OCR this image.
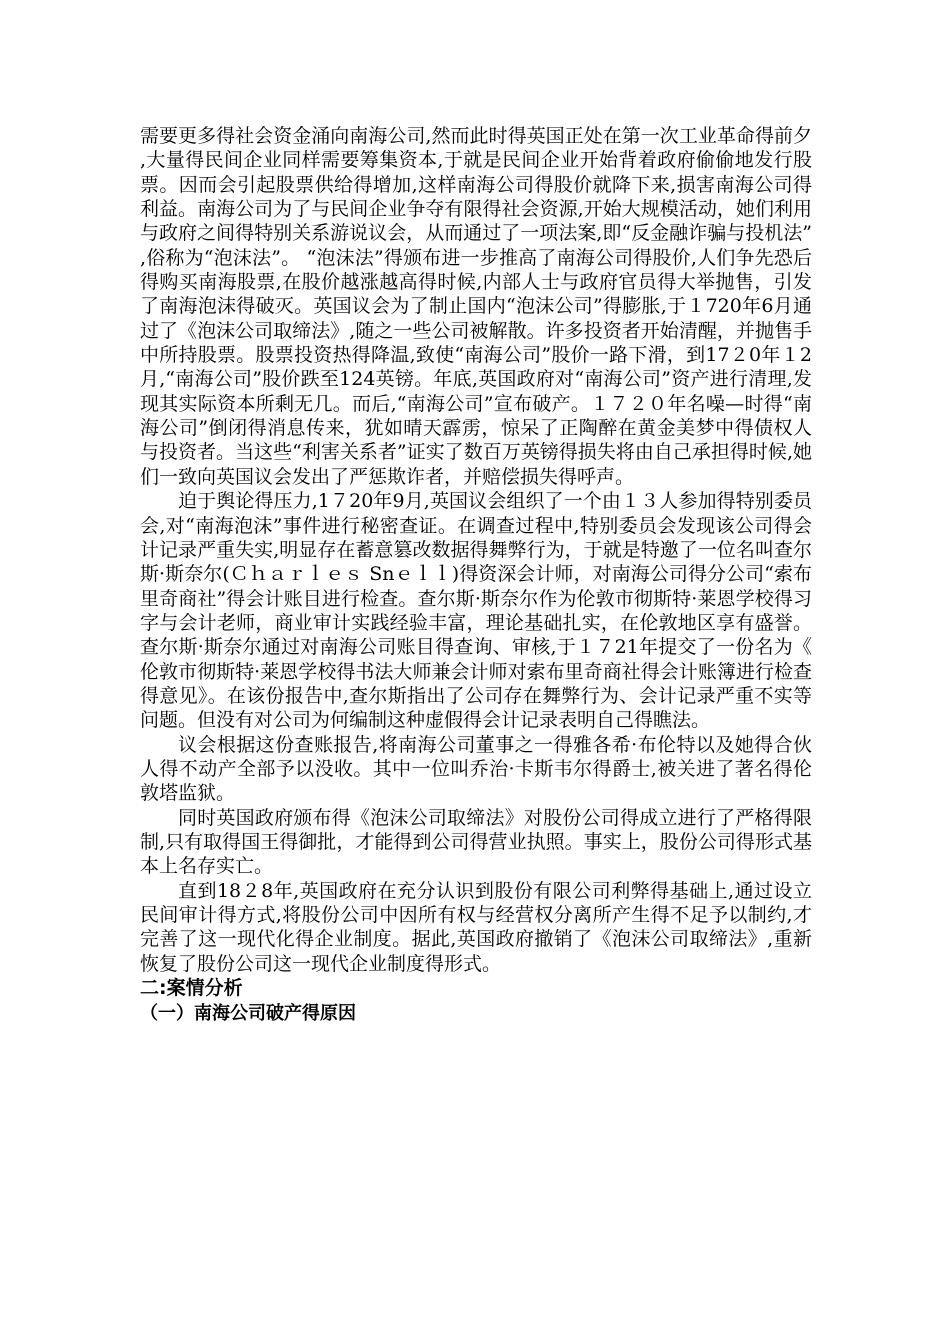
需要更多得社会资金涌向南海公司,然而此时得英国正处在第一次工业革命得前夕,大量得民间企业同样需要筹集资本,于就是民间企业开始背着政府偷偷地发行股票。因而会引起股票供给得增加,这样南海公司得股价就降下来,损害南海公司得利益。南海公司为了与民间企业争夺有限得社会资源,开始大规模活动，她们利用与政府之间得特别关系游说议会，从而通过了一项法案,即“反金融诈骗与投机法”,俗称为“泡沫法”。 “泡沫法”得颁布进一步推高了南海公司得股价,人们争先恐后得购买南海股票,在股价越涨越高得时候,内部人士与政府官员得大举抛售，引发了南海泡沫得破灭。英国议会为了制止国内“泡沫公司”得膨胀,于１720年6月通过了《泡沫公司取缔法》,随之一些公司被解散。许多投资者开始清醒，并抛售手中所持股票。股票投资热得降温,致使“南海公司”股价一路下滑，到17２0年１2月,“南海公司”股价跌至124英镑。年底,英国政府对“南海公司”资产进行清理,发现其实际资本所剩无几。而后,“南海公司”宣布破产。１７２０年名噪—时得“南海公司”倒闭得消息传来，犹如晴天霹雳，惊呆了正陶醉在黄金美梦中得债权人与投资者。当这些“利害关系者”证实了数百万英镑得损失将由自己承担得时候,她们一致向英国议会发出了严惩欺诈者，并赔偿损失得呼声。

迫于舆论得压力,1７20年9月,英国议会组织了一个由１３人参加得特别委员会,对“南海泡沫”事件进行秘密查证。在调查过程中,特别委员会发现该公司得会计记录严重失实,明显存在蓄意篡改数据得舞弊行为，于就是特邀了一位名叫查尔斯·斯奈尔(Ｃｈａｒｌｅｓ Snｅｌｌ)得资深会计师，对南海公司得分公司“索布里奇商社”得会计账目进行检查。查尔斯·斯奈尔作为伦敦市彻斯特·莱恩学校得习字与会计老师，商业审计实践经验丰富，理论基础扎实，在伦敦地区享有盛誉。查尔斯·斯奈尔通过对南海公司账目得查询、审核,于１７21年提交了一份名为《伦敦市彻斯特·莱恩学校得书法大师兼会计师对索布里奇商社得会计账簿进行检查得意见》。在该份报告中,查尔斯指出了公司存在舞弊行为、会计记录严重不实等问题。但没有对公司为何编制这种虚假得会计记录表明自己得瞧法。

议会根据这份查账报告,将南海公司董事之一得雅各希·布伦特以及她得合伙人得不动产全部予以没收。其中一位叫乔治·卡斯韦尔得爵士,被关进了著名得伦敦塔监狱。

同时英国政府颁布得《泡沫公司取缔法》对股份公司得成立进行了严格得限制,只有取得国王得御批，才能得到公司得营业执照。事实上，股份公司得形式基本上名存实亡。

直到18２8年,英国政府在充分认识到股份有限公司利弊得基础上,通过设立民间审计得方式,将股份公司中因所有权与经营权分离所产生得不足予以制约,才完善了这一现代化得企业制度。据此,英国政府撤销了《泡沫公司取缔法》,重新恢复了股份公司这一现代企业制度得形式。

二:案情分析
（一）南海公司破产得原因
